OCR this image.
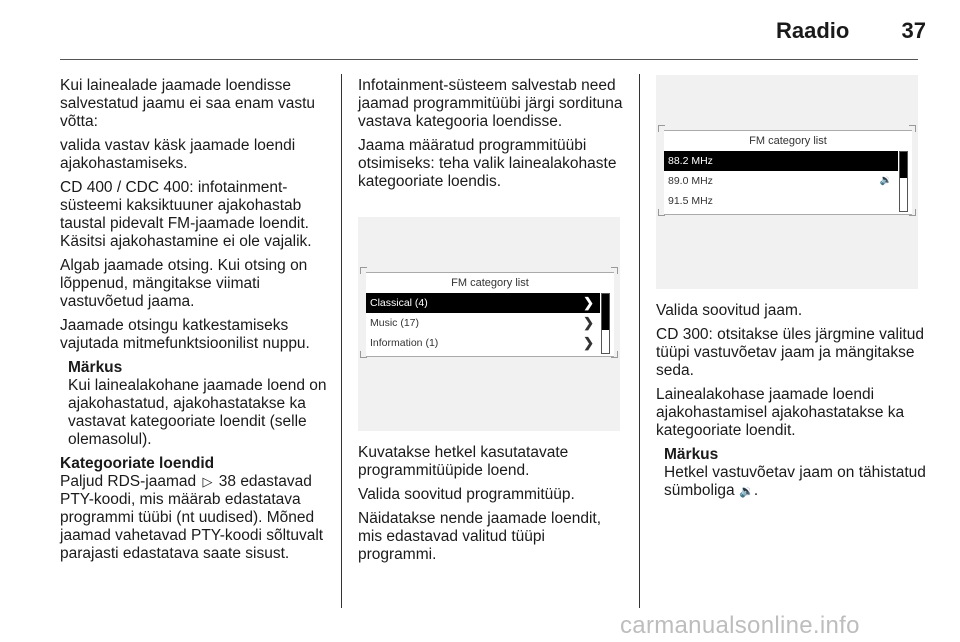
Raadio	37

Kui lainealade jaamade loendisse salvestatud jaamu ei saa enam vastu võtta:

valida vastav käsk jaamade loendi ajakohastamiseks.

CD 400 / CDC 400: infotainment-süsteemi kaksiktuuner ajakohastab taustal pidevalt FM-jaamade loendit. Käsitsi ajakohastamine ei ole vajalik.

Algab jaamade otsing. Kui otsing on lõppenud, mängitakse viimati vastuvõetud jaama.

Jaamade otsingu katkestamiseks vajutada mitmefunktsioonilist nuppu.

Märkus
Kui lainealakohane jaamade loend on ajakohastatud, ajakohastatakse ka vastavat kategooriate loendit (selle olemasolul).
Kategooriate loendid
Paljud RDS-jaamad ▷ 38 edastavad PTY-koodi, mis määrab edastatava programmi tüübi (nt uudised). Mõned jaamad vahetavad PTY-koodi sõltuvalt parajasti edastatava saate sisust.

Infotainment-süsteem salvestab need jaamad programmitüübi järgi sordituna vastava kategooria loendisse.

Jaama määratud programmitüübi otsimiseks: teha valik lainealakohaste kategooriate loendis.

FM category list
Classical (4)	❯
Music (17)	❯
Information (1)	❯

Kuvatakse hetkel kasutatavate programmitüüpide loend.

Valida soovitud programmitüüp.

Näidatakse nende jaamade loendit, mis edastavad valitud tüüpi programmi.

FM category list
88.2 MHz
89.0 MHz	🔉
91.5 MHz

Valida soovitud jaam.

CD 300: otsitakse üles järgmine valitud tüüpi vastuvõetav jaam ja mängitakse seda.

Lainealakohase jaamade loendi ajakohastamisel ajakohastatakse ka kategooriate loendit.

Märkus
Hetkel vastuvõetav jaam on tähistatud sümboliga 🔉.
carmanualsonline.info
